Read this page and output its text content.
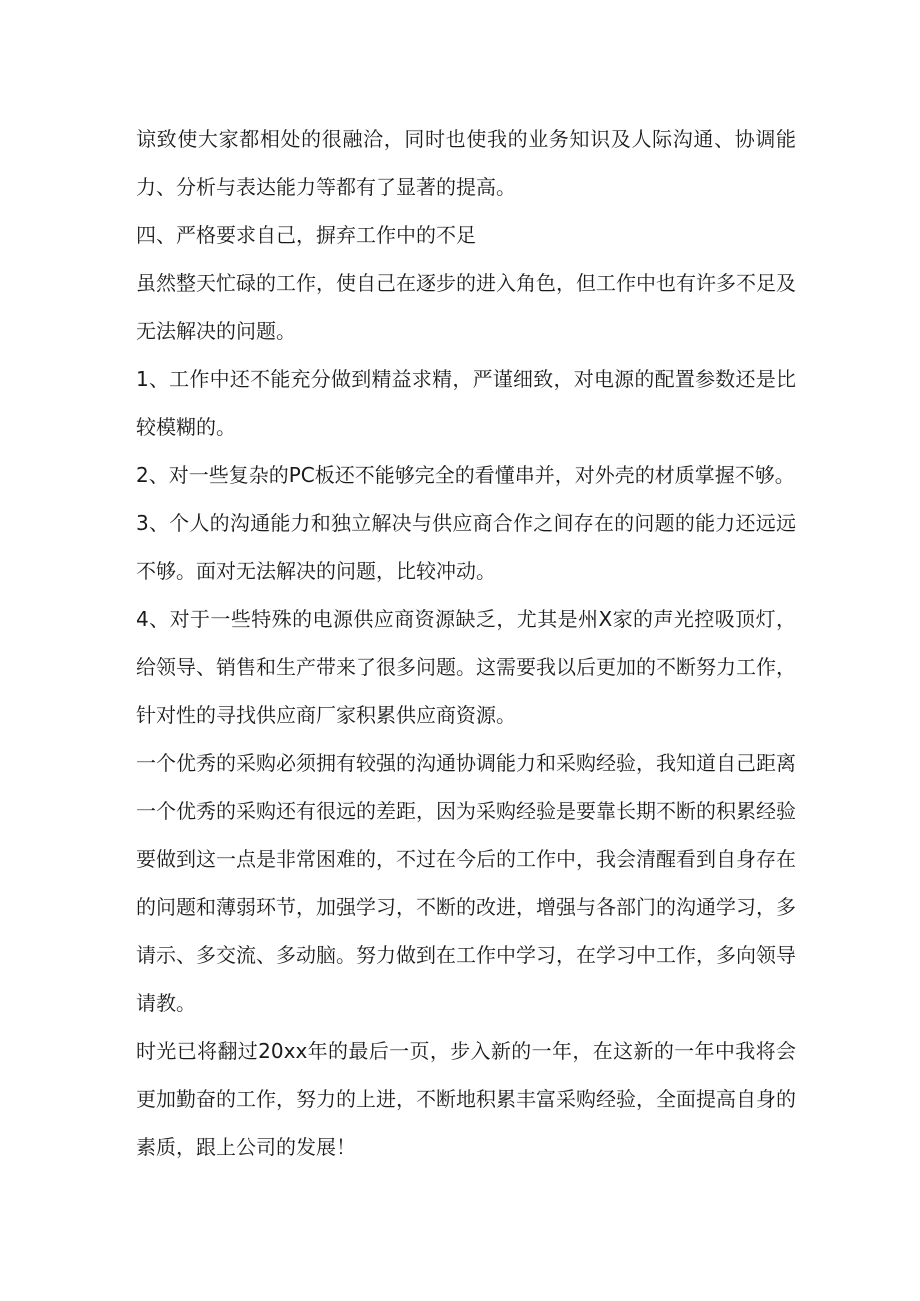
谅致使大家都相处的很融洽，同时也使我的业务知识及人际沟通、协调能力、分析与表达能力等都有了显著的提高。

四、严格要求自己，摒弃工作中的不足

虽然整天忙碌的工作，使自己在逐步的进入角色，但工作中也有许多不足及无法解决的问题。

1、工作中还不能充分做到精益求精，严谨细致，对电源的配置参数还是比较模糊的。

2、对一些复杂的PC板还不能够完全的看懂串并，对外壳的材质掌握不够。

3、个人的沟通能力和独立解决与供应商合作之间存在的问题的能力还远远不够。面对无法解决的问题，比较冲动。

4、对于一些特殊的电源供应商资源缺乏，尤其是州X家的声光控吸顶灯，给领导、销售和生产带来了很多问题。这需要我以后更加的不断努力工作，针对性的寻找供应商厂家积累供应商资源。

一个优秀的采购必须拥有较强的沟通协调能力和采购经验，我知道自己距离一个优秀的采购还有很远的差距，因为采购经验是要靠长期不断的积累经验要做到这一点是非常困难的，不过在今后的工作中，我会清醒看到自身存在的问题和薄弱环节，加强学习，不断的改进，增强与各部门的沟通学习，多请示、多交流、多动脑。努力做到在工作中学习，在学习中工作，多向领导请教。

时光已将翻过20xx年的最后一页，步入新的一年，在这新的一年中我将会更加勤奋的工作，努力的上进，不断地积累丰富采购经验，全面提高自身的素质，跟上公司的发展！
